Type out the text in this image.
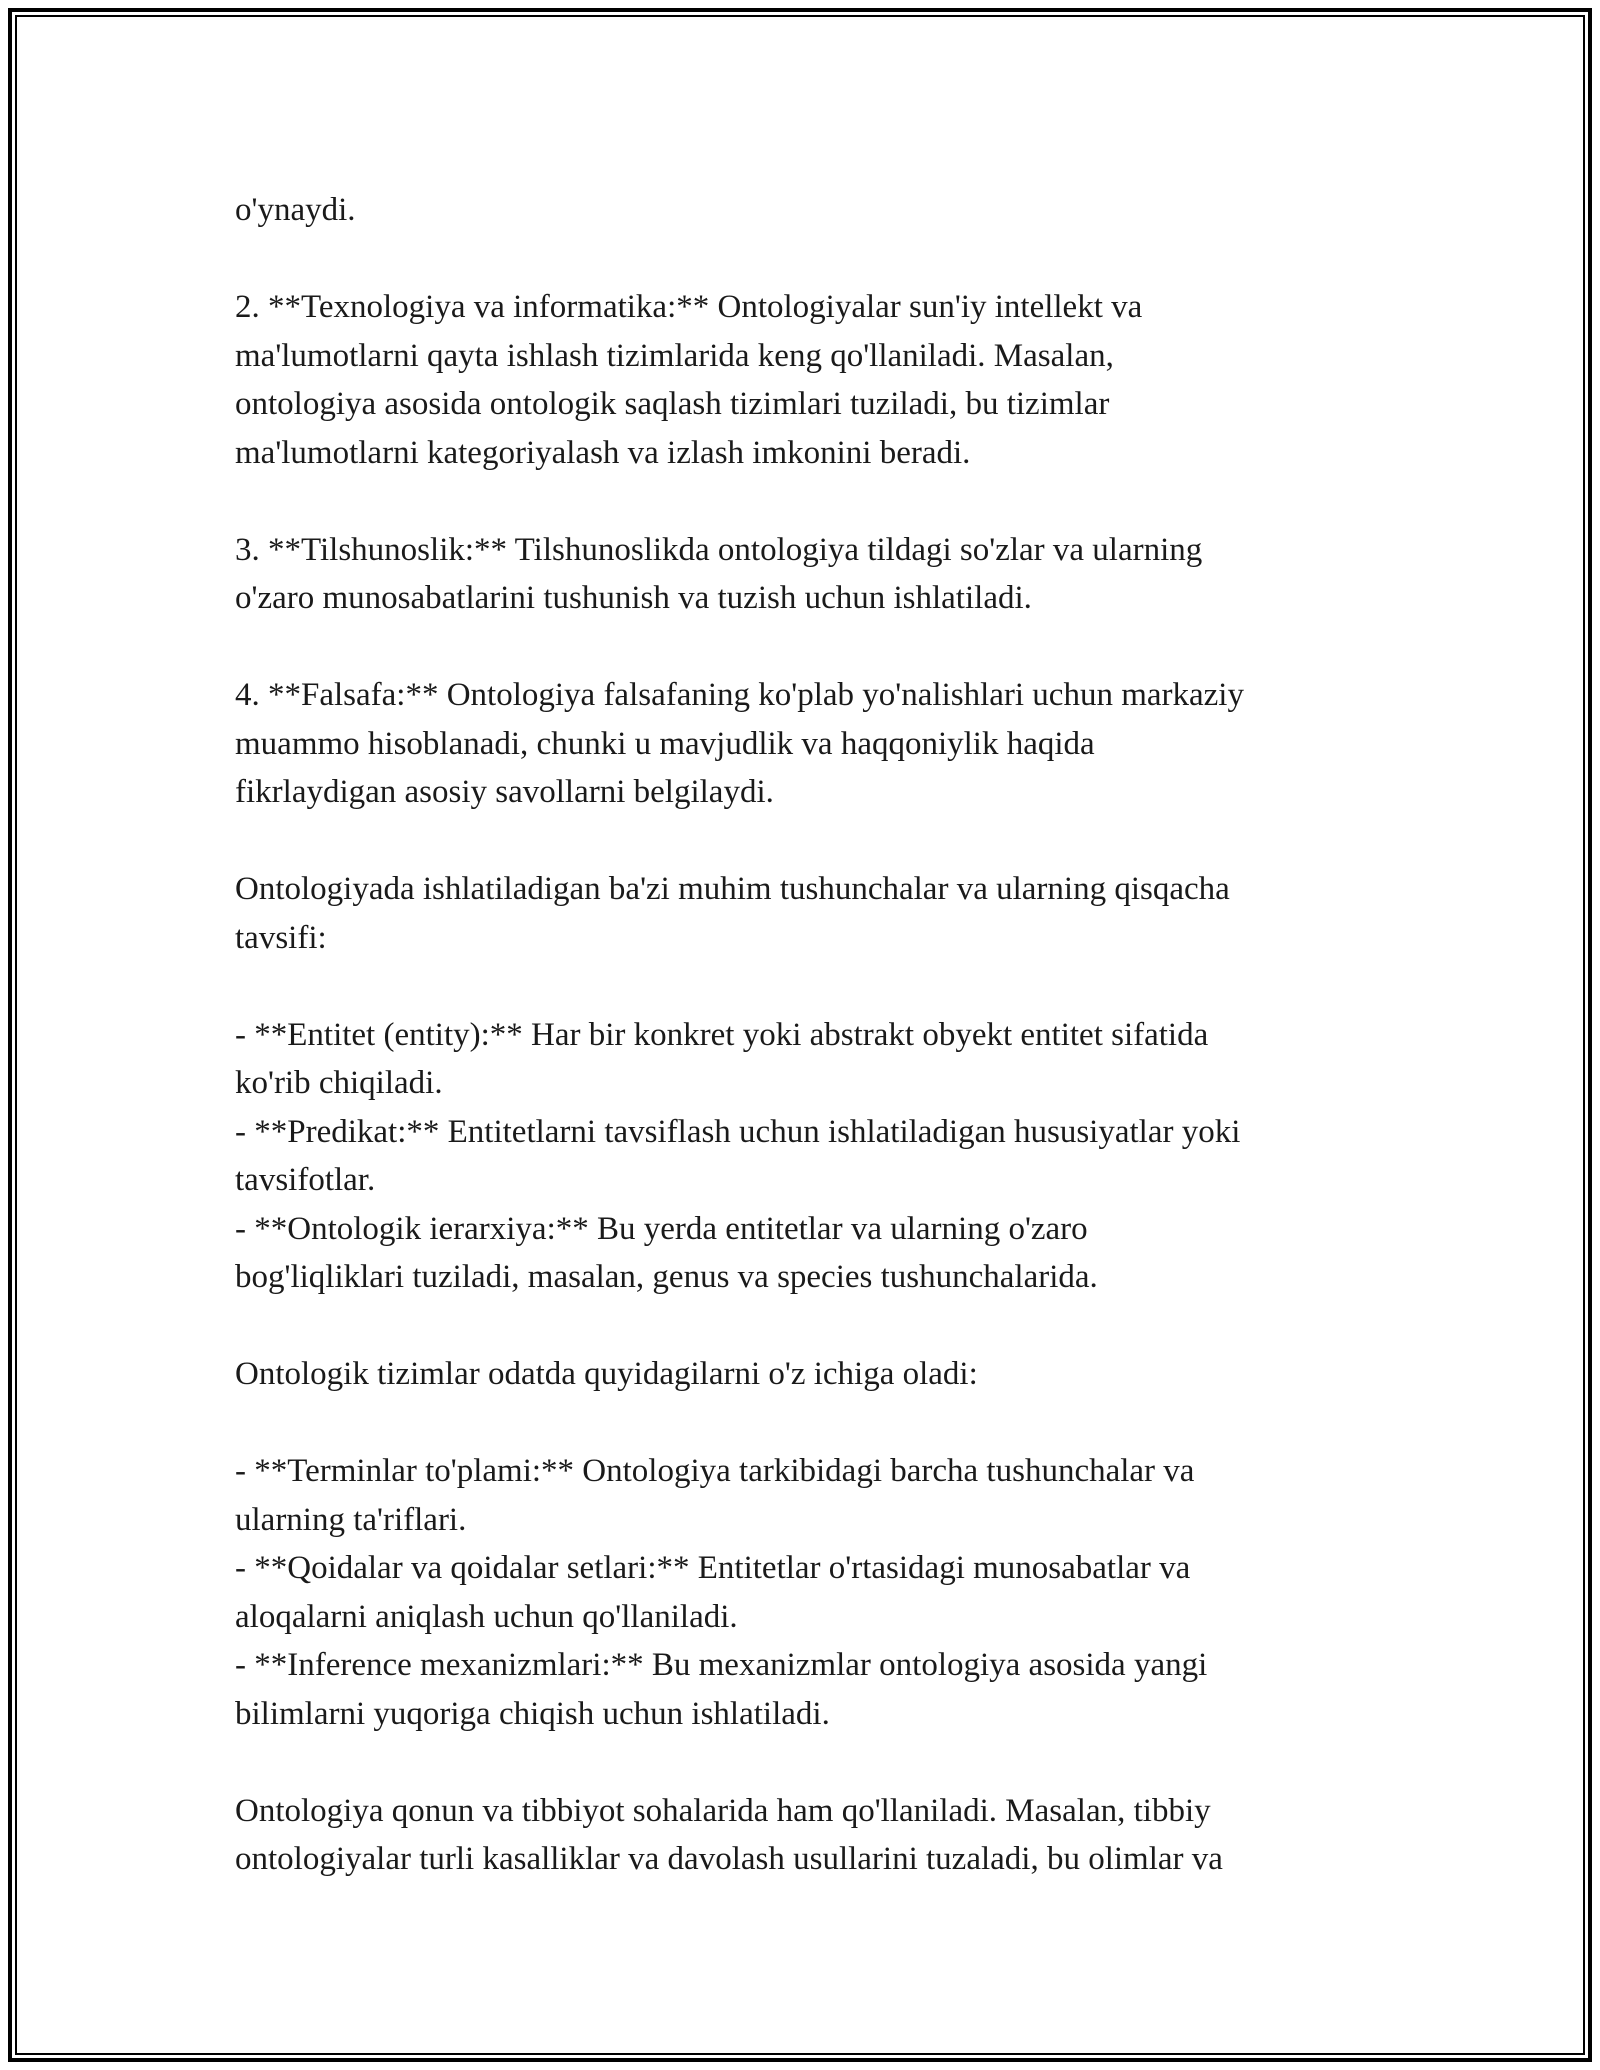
o'ynaydi.

2. **Texnologiya va informatika:** Ontologiyalar sun'iy intellekt va
ma'lumotlarni qayta ishlash tizimlarida keng qo'llaniladi. Masalan,
ontologiya asosida ontologik saqlash tizimlari tuziladi, bu tizimlar
ma'lumotlarni kategoriyalash va izlash imkonini beradi.

3. **Tilshunoslik:** Tilshunoslikda ontologiya tildagi so'zlar va ularning
o'zaro munosabatlarini tushunish va tuzish uchun ishlatiladi.

4. **Falsafa:** Ontologiya falsafaning ko'plab yo'nalishlari uchun markaziy
muammo hisoblanadi, chunki u mavjudlik va haqqoniylik haqida
fikrlaydigan asosiy savollarni belgilaydi.

Ontologiyada ishlatiladigan ba'zi muhim tushunchalar va ularning qisqacha
tavsifi:

- **Entitet (entity):** Har bir konkret yoki abstrakt obyekt entitet sifatida
ko'rib chiqiladi.
- **Predikat:** Entitetlarni tavsiflash uchun ishlatiladigan hususiyatlar yoki
tavsifotlar.
- **Ontologik ierarxiya:** Bu yerda entitetlar va ularning o'zaro
bog'liqliklari tuziladi, masalan, genus va species tushunchalarida.

Ontologik tizimlar odatda quyidagilarni o'z ichiga oladi:

- **Terminlar to'plami:** Ontologiya tarkibidagi barcha tushunchalar va
ularning ta'riflari.
- **Qoidalar va qoidalar setlari:** Entitetlar o'rtasidagi munosabatlar va
aloqalarni aniqlash uchun qo'llaniladi.
- **Inference mexanizmlari:** Bu mexanizmlar ontologiya asosida yangi
bilimlarni yuqoriga chiqish uchun ishlatiladi.

Ontologiya qonun va tibbiyot sohalarida ham qo'llaniladi. Masalan, tibbiy
ontologiyalar turli kasalliklar va davolash usullarini tuzaladi, bu olimlar va
